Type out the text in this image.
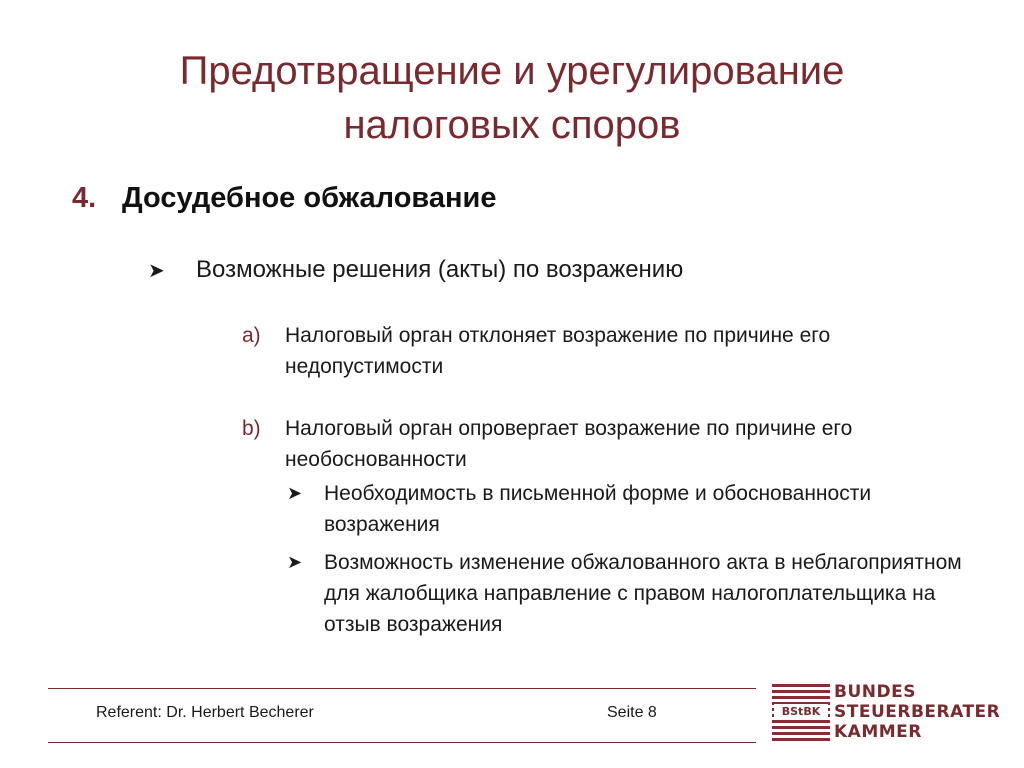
Предотвращение и урегулирование
налоговых споров
4. Досудебное обжалование
➤ Возможные решения (акты) по возражению
a) Налоговый орган отклоняет возражение по причине его недопустимости
b) Налоговый орган опровергает возражение по причине его необоснованности
➤ Необходимость в письменной форме и обоснованности возражения
➤ Возможность изменение обжалованного акта в неблагоприятном для жалобщика направление с правом налогоплательщика на отзыв возражения
Referent: Dr. Herbert Becherer	Seite 8	BStBK
BUNDES
STEUERBERATER
KAMMER
